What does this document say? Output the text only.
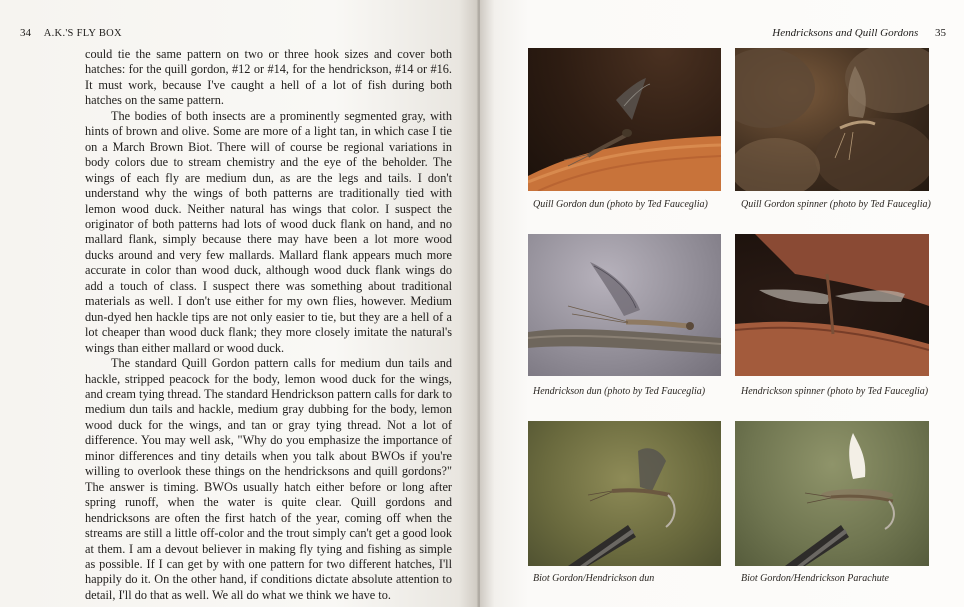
34 A.K.'S FLY BOX	Hendricksons and Quill Gordons 35

could tie the same pattern on two or three hook sizes and cover both hatches: for the quill gordon, #12 or #14, for the hendrickson, #14 or #16. It must work, because I've caught a hell of a lot of fish during both hatches on the same pattern.

The bodies of both insects are a prominently segmented gray, with hints of brown and olive. Some are more of a light tan, in which case I tie on a March Brown Biot. There will of course be regional variations in body colors due to stream chemistry and the eye of the beholder. The wings of each fly are medium dun, as are the legs and tails. I don't understand why the wings of both patterns are traditionally tied with lemon wood duck. Neither natural has wings that color. I suspect the originator of both patterns had lots of wood duck flank on hand, and no mallard flank, simply because there may have been a lot more wood ducks around and very few mallards. Mallard flank appears much more accurate in color than wood duck, although wood duck flank wings do add a touch of class. I suspect there was something about traditional materials as well. I don't use either for my own flies, however. Medium dun-dyed hen hackle tips are not only easier to tie, but they are a hell of a lot cheaper than wood duck flank; they more closely imitate the natural's wings than either mallard or wood duck.

The standard Quill Gordon pattern calls for medium dun tails and hackle, stripped peacock for the body, lemon wood duck for the wings, and cream tying thread. The standard Hendrickson pattern calls for dark to medium dun tails and hackle, medium gray dubbing for the body, lemon wood duck for the wings, and tan or gray tying thread. Not a lot of difference. You may well ask, "Why do you emphasize the importance of minor differences and tiny details when you talk about BWOs if you're willing to overlook these things on the hendricksons and quill gordons?" The answer is timing. BWOs usually hatch either before or long after spring runoff, when the water is quite clear. Quill gordons and hendricksons are often the first hatch of the year, coming off when the streams are still a little off-color and the trout simply can't get a good look at them. I am a devout believer in making fly tying and fishing as simple as possible. If I can get by with one pattern for two different hatches, I'll happily do it. On the other hand, if conditions dictate absolute attention to detail, I'll do that as well. We all do what we think we have to.

Quill Gordon dun (photo by Ted Fauceglia)	Quill Gordon spinner (photo by Ted Fauceglia)
Hendrickson dun (photo by Ted Fauceglia)	Hendrickson spinner (photo by Ted Fauceglia)
Biot Gordon/Hendrickson dun	Biot Gordon/Hendrickson Parachute
